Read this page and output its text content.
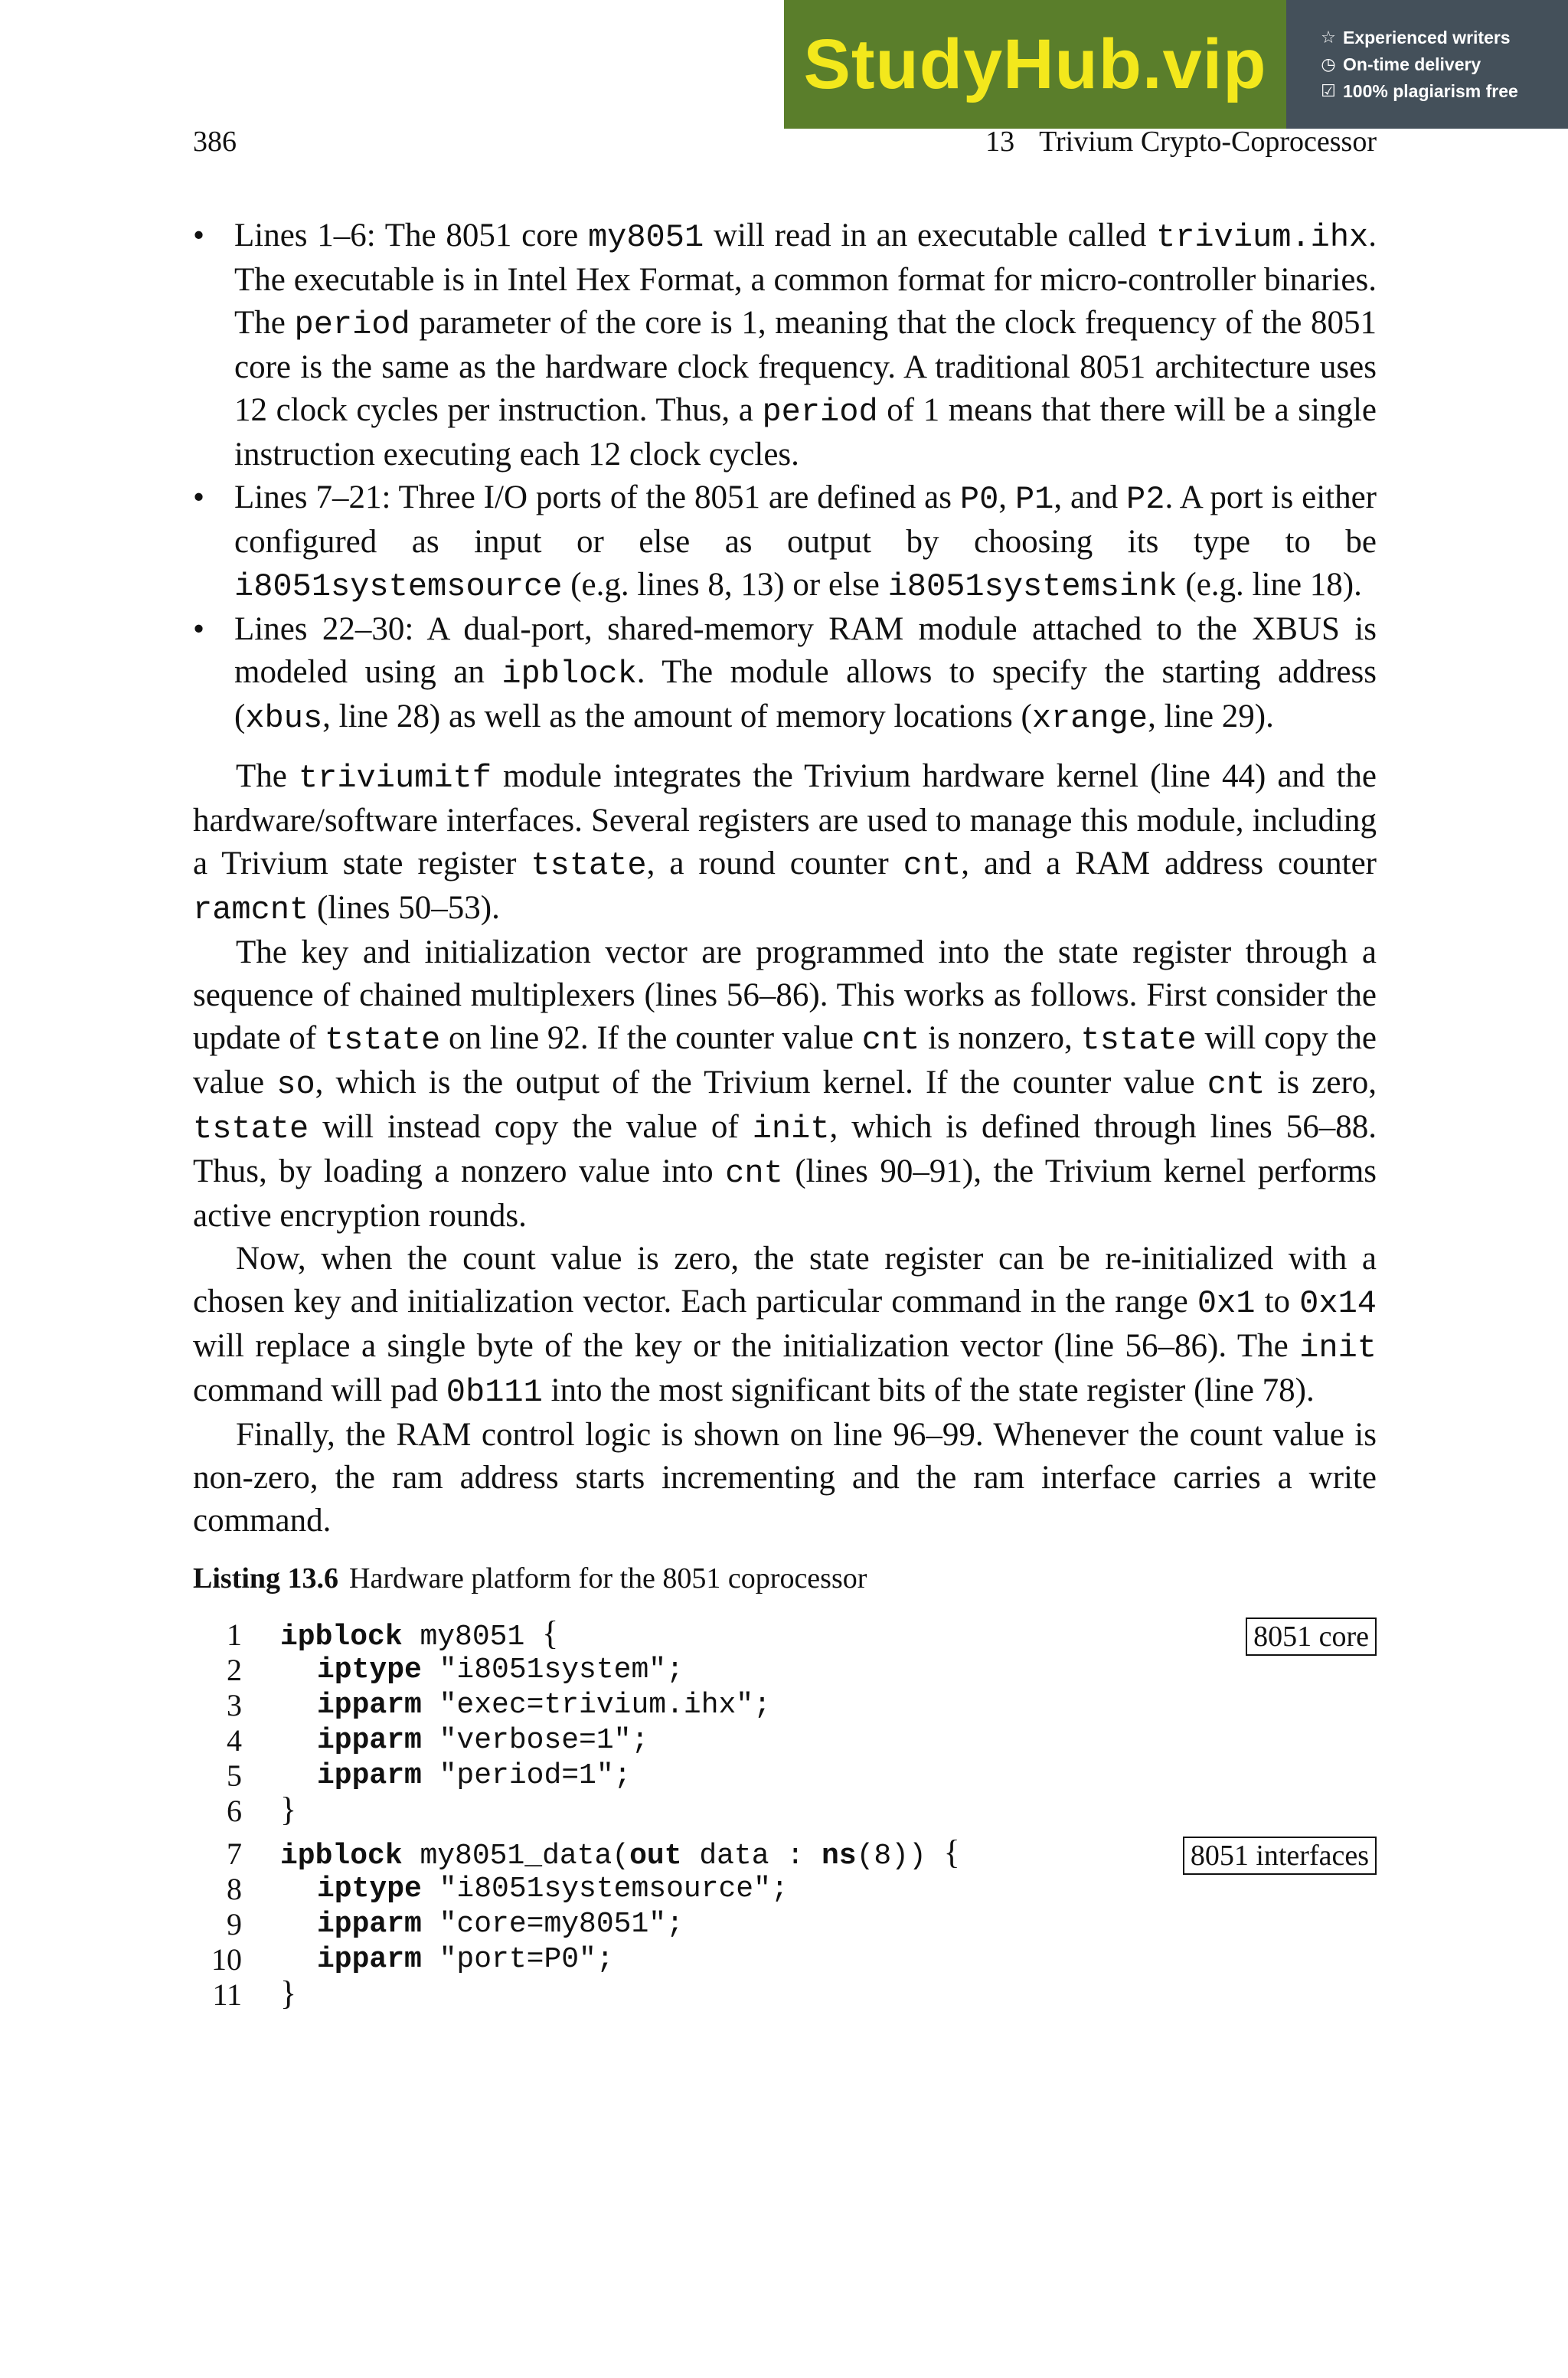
StudyHub.vip	☆ Experienced writers
◷ On-time delivery
☑ 100% plagiarism free
386	13 Trivium Crypto-Coprocessor
• Lines 1–6: The 8051 core my8051 will read in an executable called trivium.ihx. The executable is in Intel Hex Format, a common format for micro-controller binaries. The period parameter of the core is 1, meaning that the clock frequency of the 8051 core is the same as the hardware clock frequency. A traditional 8051 architecture uses 12 clock cycles per instruction. Thus, a period of 1 means that there will be a single instruction executing each 12 clock cycles.
• Lines 7–21: Three I/O ports of the 8051 are defined as P0, P1, and P2. A port is either configured as input or else as output by choosing its type to be i8051systemsource (e.g. lines 8, 13) or else i8051systemsink (e.g. line 18).
• Lines 22–30: A dual-port, shared-memory RAM module attached to the XBUS is modeled using an ipblock. The module allows to specify the starting address (xbus, line 28) as well as the amount of memory locations (xrange, line 29).

The triviumitf module integrates the Trivium hardware kernel (line 44) and the hardware/software interfaces. Several registers are used to manage this module, including a Trivium state register tstate, a round counter cnt, and a RAM address counter ramcnt (lines 50–53).

The key and initialization vector are programmed into the state register through a sequence of chained multiplexers (lines 56–86). This works as follows. First consider the update of tstate on line 92. If the counter value cnt is nonzero, tstate will copy the value so, which is the output of the Trivium kernel. If the counter value cnt is zero, tstate will instead copy the value of init, which is defined through lines 56–88. Thus, by loading a nonzero value into cnt (lines 90–91), the Trivium kernel performs active encryption rounds.

Now, when the count value is zero, the state register can be re-initialized with a chosen key and initialization vector. Each particular command in the range 0x1 to 0x14 will replace a single byte of the key or the initialization vector (line 56–86). The init command will pad 0b111 into the most significant bits of the state register (line 78).

Finally, the RAM control logic is shown on line 96–99. Whenever the count value is non-zero, the ram address starts incrementing and the ram interface carries a write command.

Listing 13.6 Hardware platform for the 8051 coprocessor
1 ipblock my8051 {
2	iptype "i8051system";
3	ipparm "exec=trivium.ihx";
4	ipparm "verbose=1";
5	ipparm "period=1";
6 }
8051 core
7 ipblock my8051_data(out data : ns(8)) {
8	iptype "i8051systemsource";
9	ipparm "core=my8051";
10	ipparm "port=P0";
11 }
8051 interfaces
